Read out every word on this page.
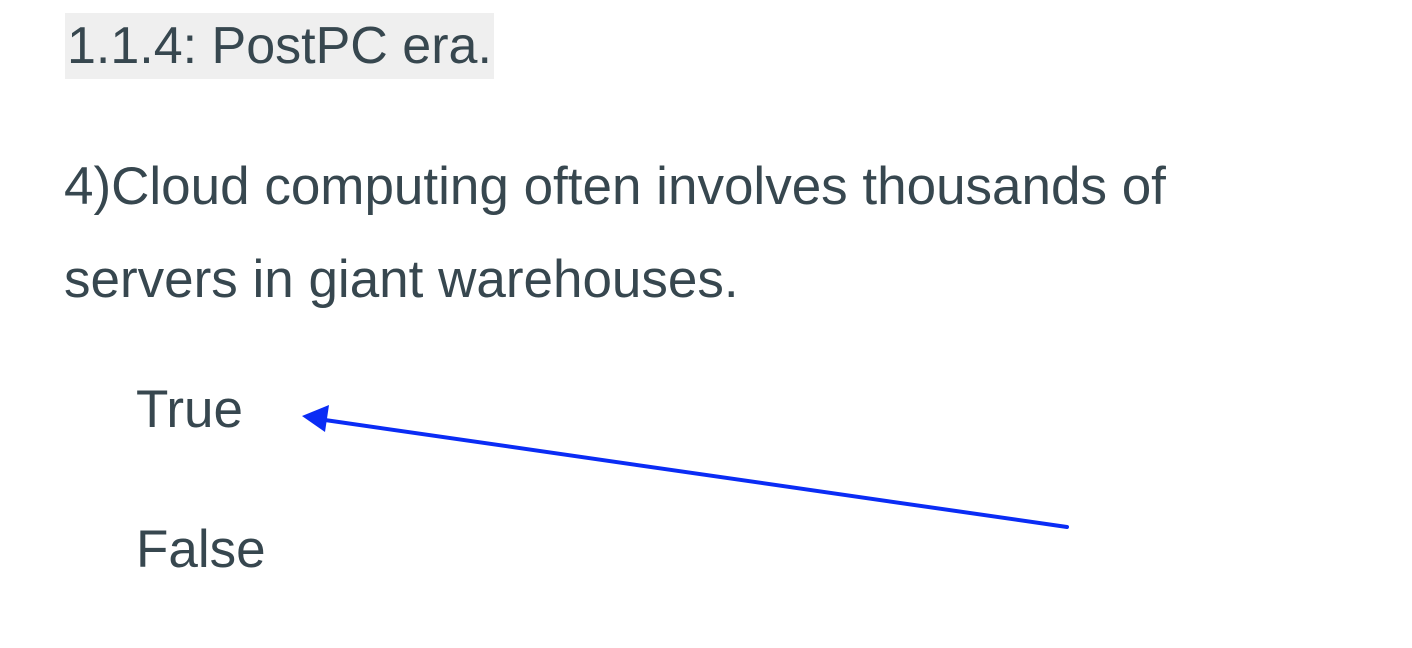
1.1.4: PostPC era.

4)Cloud computing often involves thousands of servers in giant warehouses.

True
False
